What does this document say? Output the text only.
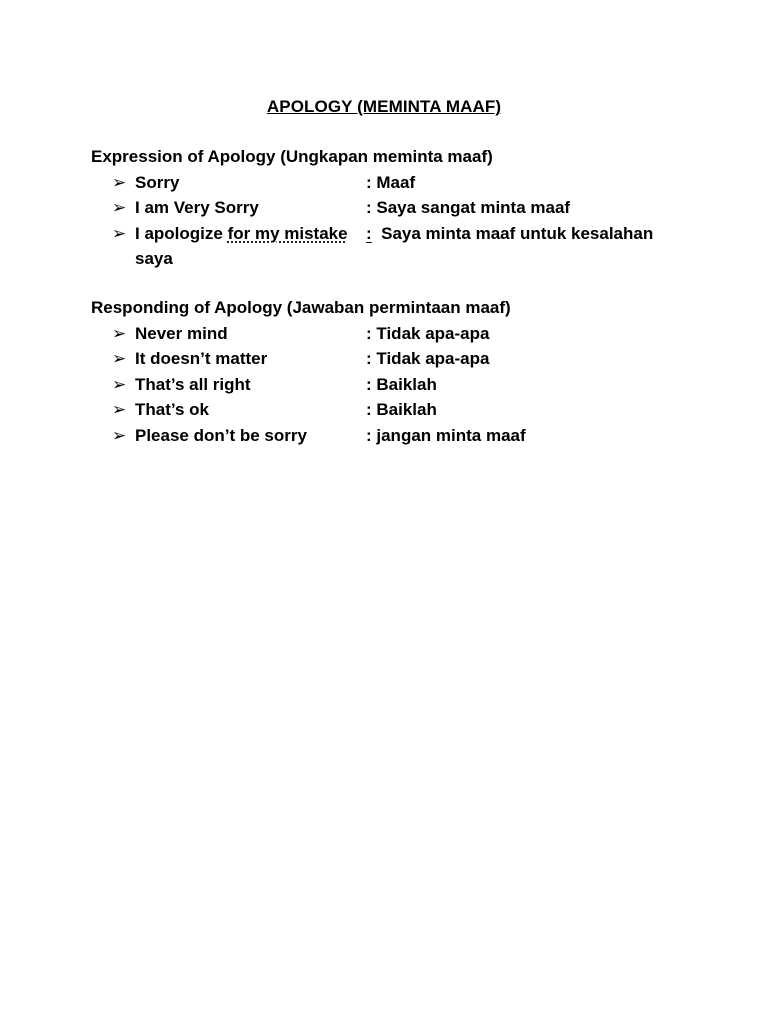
APOLOGY (MEMINTA MAAF)
Expression of Apology (Ungkapan meminta maaf)
➢ Sorry	: Maaf
➢ I am Very Sorry	: Saya sangat minta maaf
➢ I apologize for my mistake :  Saya minta maaf untuk kesalahan
saya
Responding of Apology (Jawaban permintaan maaf)
➢ Never mind	: Tidak apa-apa
➢ It doesn’t matter	: Tidak apa-apa
➢ That’s all right	: Baiklah
➢ That’s ok	: Baiklah
➢ Please don’t be sorry	: jangan minta maaf
